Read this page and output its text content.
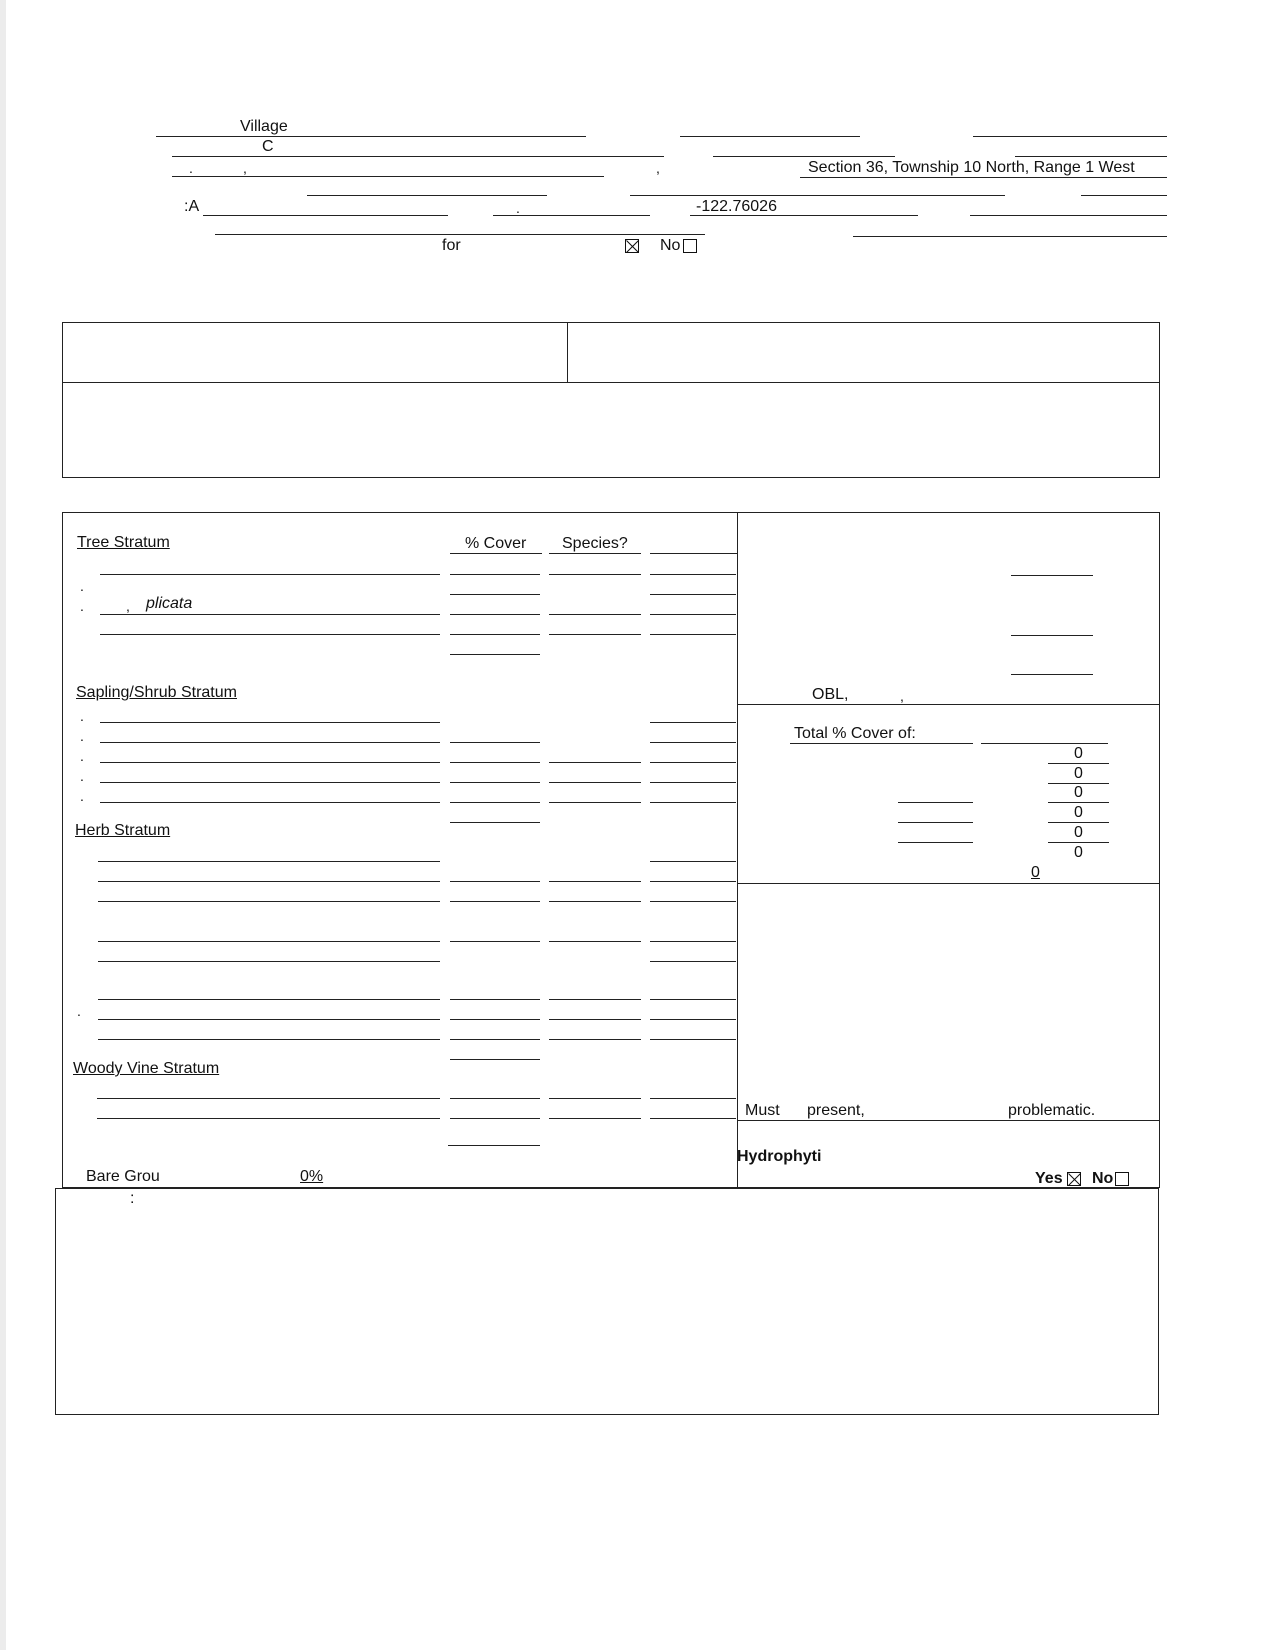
Village
C
.	,	,	Section 36, Township 10 North, Range 1 West
:A	.	-122.76026
for	No
Tree Stratum	% Cover Species?
.
.	, plicata
Sapling/Shrub Stratum
.
.
.
.
.
Herb Stratum
.
Woody Vine Stratum
Bare Grou	0%
OBL,	,
Total % Cover of:
0
0
0
0
0
0
0
Must present,	problematic.
Hydrophyti
Yes No
:
